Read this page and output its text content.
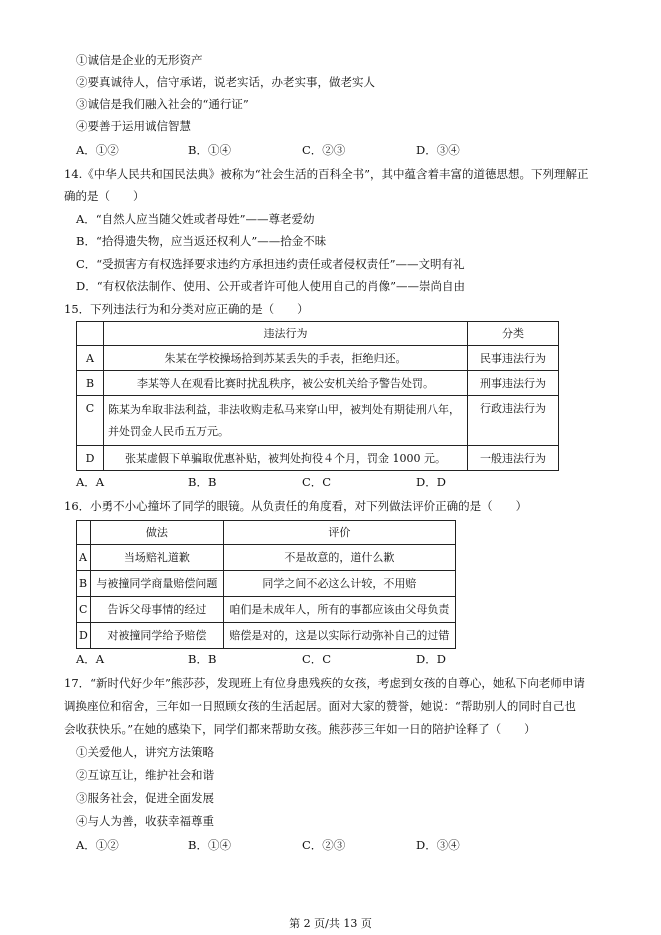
①诚信是企业的无形资产
②要真诚待人，信守承诺，说老实话，办老实事，做老实人
③诚信是我们融入社会的“通行证”
④要善于运用诚信智慧
A．①②	B．①④	C．②③	D．③④
14.《中华人民共和国民法典》被称为“社会生活的百科全书”，其中蕴含着丰富的道德思想。下列理解正
确的是（　　）
A．“自然人应当随父姓或者母姓”——尊老爱幼
B．“拾得遗失物，应当返还权利人”——拾金不昧
C．“受损害方有权选择要求违约方承担违约责任或者侵权责任”——文明有礼
D．“有权依法制作、使用、公开或者许可他人使用自己的肖像”——崇尚自由
15．下列违法行为和分类对应正确的是（　　）
	违法行为	分类
A	朱某在学校操场拾到苏某丢失的手表，拒绝归还。	民事违法行为
B	李某等人在观看比赛时扰乱秩序，被公安机关给予警告处罚。	刑事违法行为
C	陈某为牟取非法利益，非法收购走私马来穿山甲，被判处有期徒刑八年，并处罚金人民币五万元。	行政违法行为
D	张某虚假下单骗取优惠补贴，被判处拘役４个月，罚金 1000 元。	一般违法行为
A．A	B．B	C．C	D．D
16．小勇不小心撞坏了同学的眼镜。从负责任的角度看，对下列做法评价正确的是（　　）
	做法	评价
A	当场赔礼道歉	不是故意的，道什么歉
B	与被撞同学商量赔偿问题	同学之间不必这么计较，不用赔
C	告诉父母事情的经过	咱们是未成年人，所有的事都应该由父母负责
D	对被撞同学给予赔偿	赔偿是对的，这是以实际行动弥补自己的过错
A．A	B．B	C．C	D．D
17．“新时代好少年”熊莎莎，发现班上有位身患残疾的女孩，考虑到女孩的自尊心，她私下向老师申请
调换座位和宿舍，三年如一日照顾女孩的生活起居。面对大家的赞誉，她说：“帮助别人的同时自己也
会收获快乐。”在她的感染下，同学们都来帮助女孩。熊莎莎三年如一日的陪护诠释了（　　）
①关爱他人，讲究方法策略
②互谅互让，维护社会和谐
③服务社会，促进全面发展
④与人为善，收获幸福尊重
A．①②	B．①④	C．②③	D．③④
第 2 页/共 13 页
